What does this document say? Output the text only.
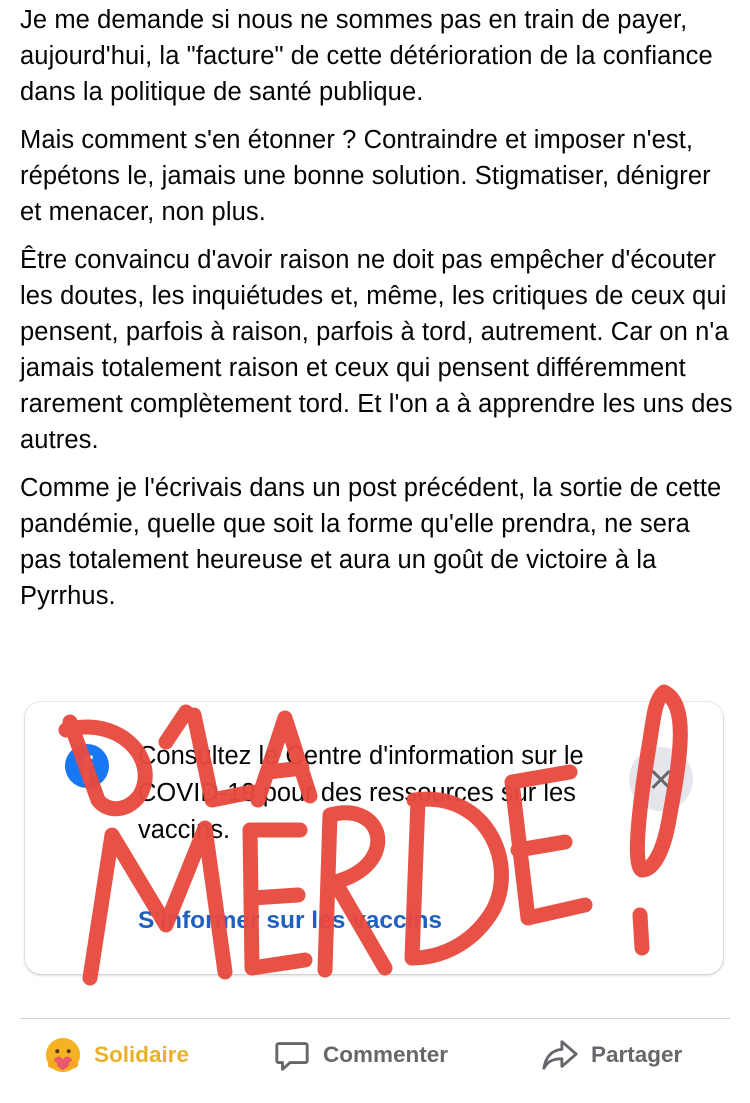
Je me demande si nous ne sommes pas en train de payer, aujourd'hui, la "facture" de cette détérioration de la confiance dans la politique de santé publique.

Mais comment s'en étonner ? Contraindre et imposer n'est, répétons le, jamais une bonne solution. Stigmatiser, dénigrer et menacer, non plus.

Être convaincu d'avoir raison ne doit pas empêcher d'écouter les doutes, les inquiétudes et, même, les critiques de ceux qui pensent, parfois à raison, parfois à tord, autrement. Car on n'a jamais totalement raison et ceux qui pensent différemment rarement complètement tord. Et l'on a à apprendre les uns des autres.

Comme je l'écrivais dans un post précédent, la sortie de cette pandémie, quelle que soit la forme qu'elle prendra, ne sera pas totalement heureuse et aura un goût de victoire à la Pyrrhus.

f Consultez le Centre d'information sur le COVID-19 pour des ressources sur les vaccins.
S'informer sur les vaccins
Solidaire	Commenter	Partager
